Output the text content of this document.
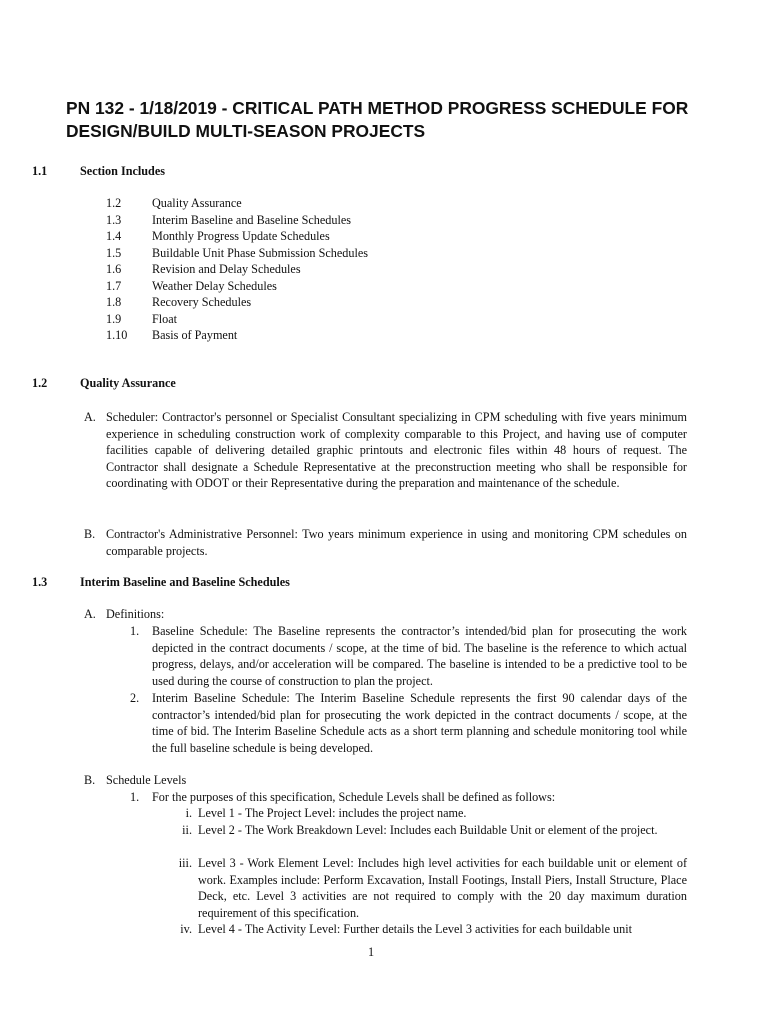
PN 132 - 1/18/2019 - CRITICAL PATH METHOD PROGRESS SCHEDULE FOR DESIGN/BUILD MULTI-SEASON PROJECTS
1.1	Section Includes
1.2	Quality Assurance
1.3	Interim Baseline and Baseline Schedules
1.4	Monthly Progress Update Schedules
1.5	Buildable Unit Phase Submission Schedules
1.6	Revision and Delay Schedules
1.7	Weather Delay Schedules
1.8	Recovery Schedules
1.9	Float
1.10 Basis of Payment
1.2	Quality Assurance
A. Scheduler: Contractor's personnel or Specialist Consultant specializing in CPM scheduling with five years minimum experience in scheduling construction work of complexity comparable to this Project, and having use of computer facilities capable of delivering detailed graphic printouts and electronic files within 48 hours of request. The Contractor shall designate a Schedule Representative at the preconstruction meeting who shall be responsible for coordinating with ODOT or their Representative during the preparation and maintenance of the schedule.

B. Contractor's Administrative Personnel: Two years minimum experience in using and monitoring CPM schedules on comparable projects.

1.3	Interim Baseline and Baseline Schedules
A. Definitions:
1. Baseline Schedule: The Baseline represents the contractor’s intended/bid plan for prosecuting the work depicted in the contract documents / scope, at the time of bid. The baseline is the reference to which actual progress, delays, and/or acceleration will be compared. The baseline is intended to be a predictive tool to be used during the course of construction to plan the project.

2. Interim Baseline Schedule: The Interim Baseline Schedule represents the first 90 calendar days of the contractor’s intended/bid plan for prosecuting the work depicted in the contract documents / scope, at the time of bid. The Interim Baseline Schedule acts as a short term planning and schedule monitoring tool while the full baseline schedule is being developed.

B. Schedule Levels
1. For the purposes of this specification, Schedule Levels shall be defined as follows:

i. Level 1 - The Project Level: includes the project name.

ii. Level 2 - The Work Breakdown Level: Includes each Buildable Unit or element of the project.

iii. Level 3 - Work Element Level: Includes high level activities for each buildable unit or element of work. Examples include: Perform Excavation, Install Footings, Install Piers, Install Structure, Place Deck, etc. Level 3 activities are not required to comply with the 20 day maximum duration requirement of this specification.

iv. Level 4 - The Activity Level: Further details the Level 3 activities for each buildable unit

1
